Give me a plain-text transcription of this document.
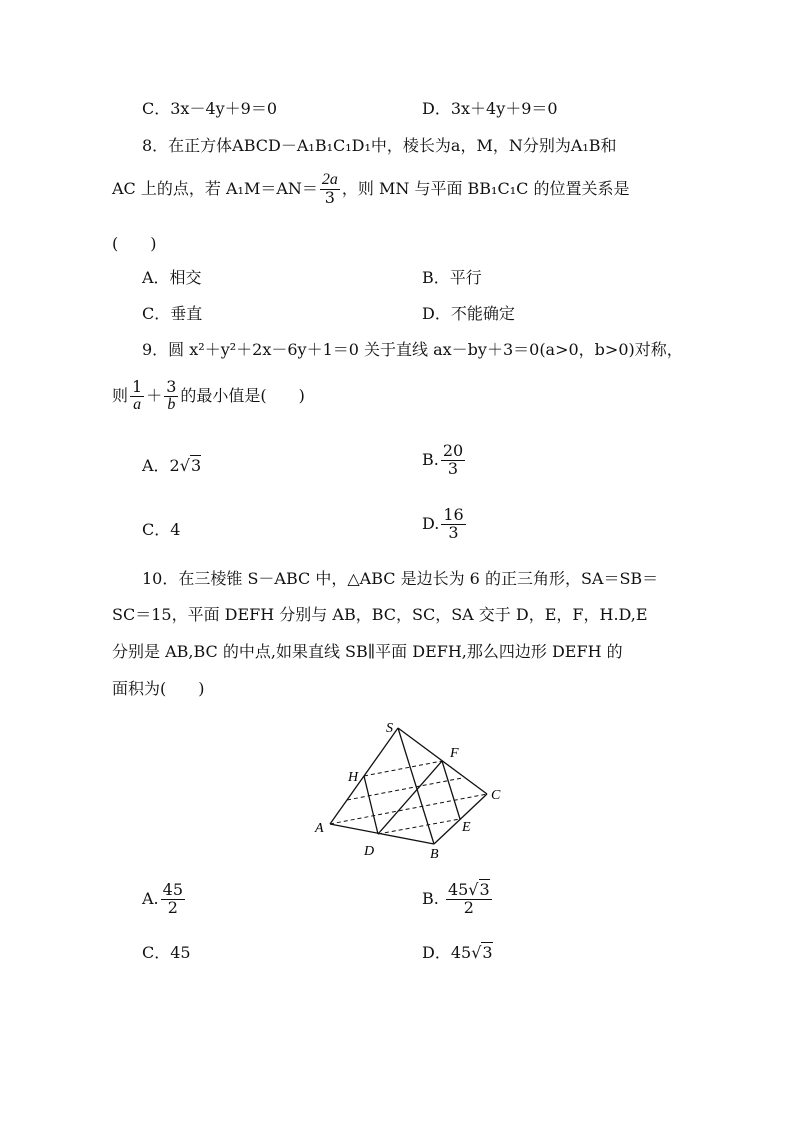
C．3x－4y＋9＝0	D．3x＋4y＋9＝0
8．在正方体ABCD－A₁B₁C₁D₁中，棱长为a，M，N分别为A₁B和
AC 上的点，若 $A_1M=AN= \frac{2a}{3}$ ，则 MN 与平面 BB₁C₁C 的位置关系是
(　　)
A．相交	B．平行
C．垂直	D．不能确定
9．圆 x²＋y²＋2x－6y＋1＝0 关于直线 ax－by＋3＝0(a>0，b>0)对称，
则 $\frac{1}{a} + \frac{3}{b}$ 的最小值是(　　)
A．2√3	B. $\frac{20}{3}$
C．4	D. $\frac{16}{3}$
10．在三棱锥 S－ABC 中，△ABC 是边长为 6 的正三角形，SA＝SB＝
SC＝15，平面 DEFH 分别与 AB，BC，SC，SA 交于 D，E，F，H.D,E
分别是 AB,BC 的中点,如果直线 SB∥平面 DEFH,那么四边形 DEFH 的
面积为(　　)
S
F
H
C
A	E
D	B
A. $\frac{45}{2}$	B. $\frac{45√3}{2}$
C．45	D．45√3
